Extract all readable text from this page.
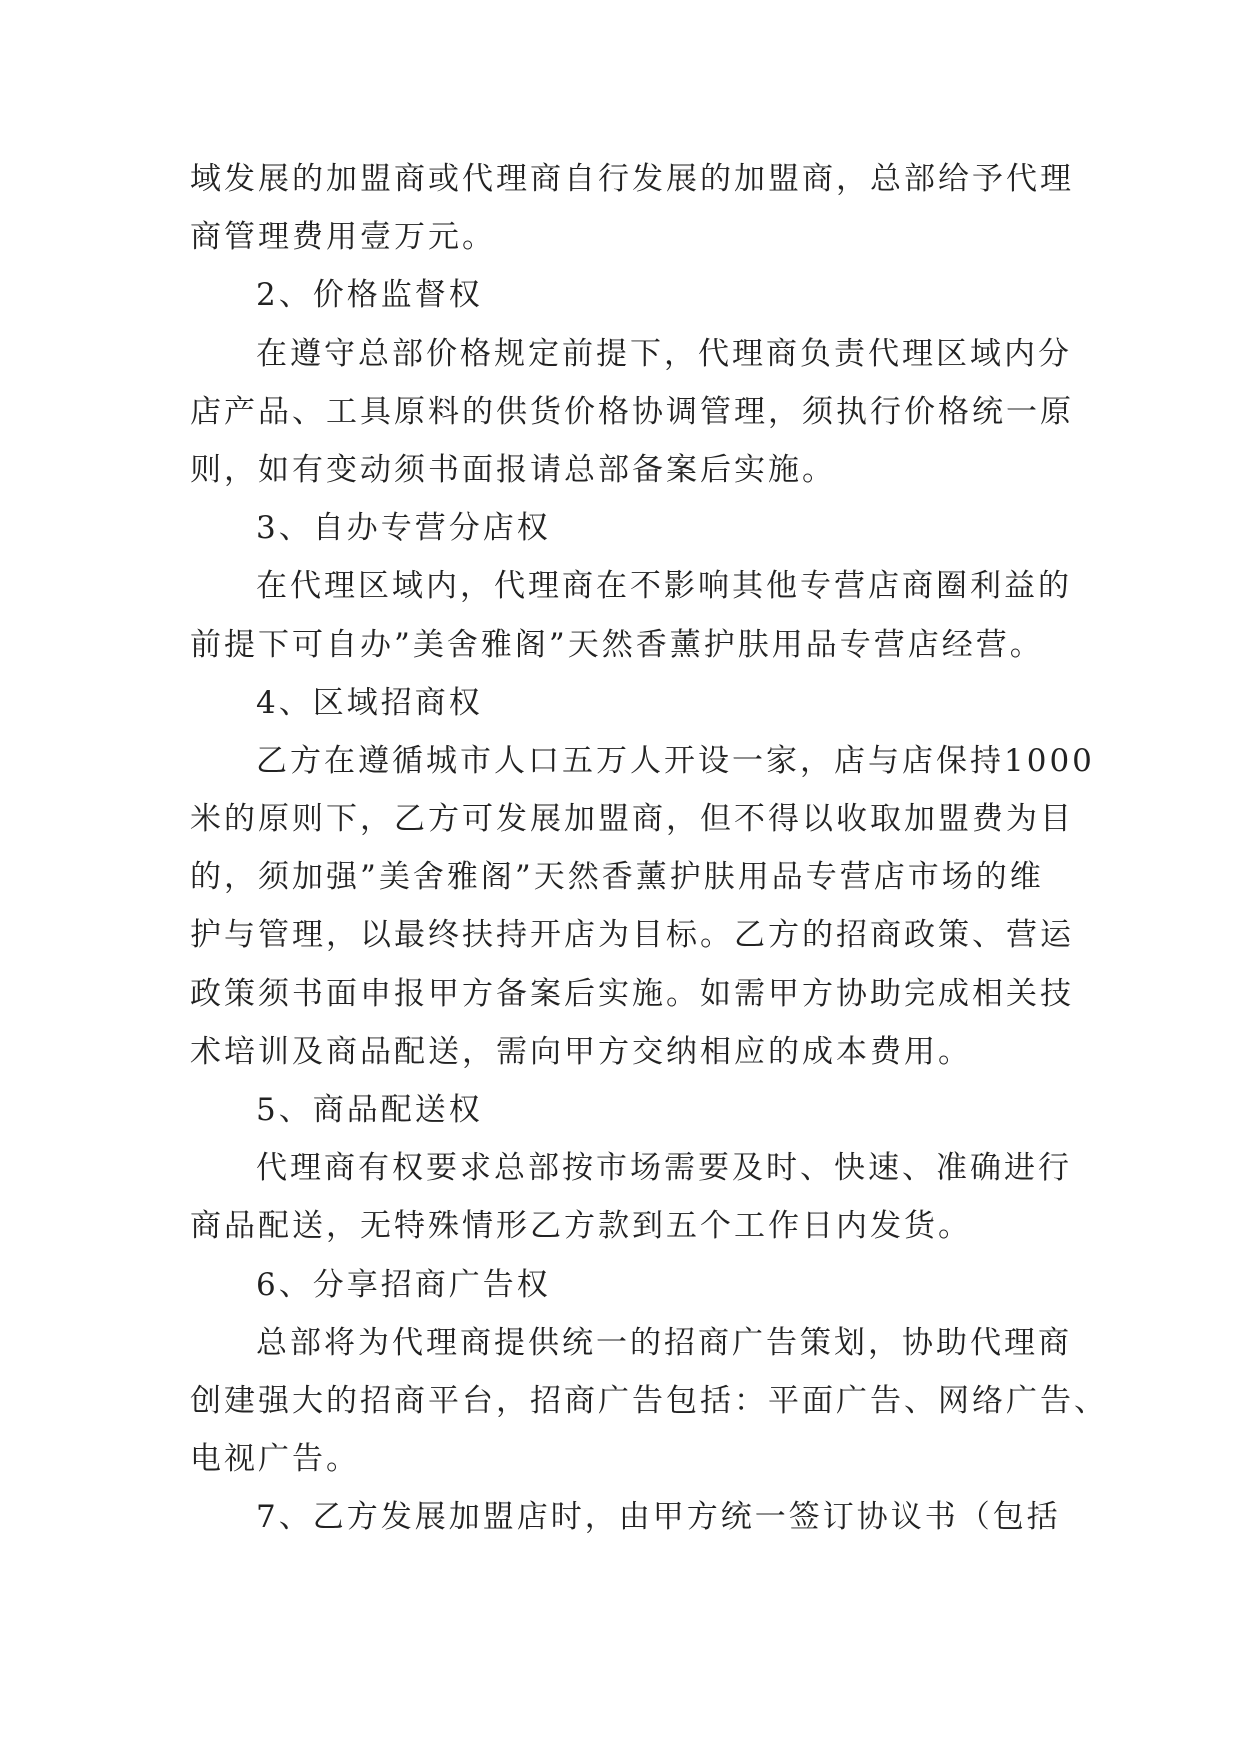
域发展的加盟商或代理商自行发展的加盟商，总部给予代理
商管理费用壹万元。
2、价格监督权
在遵守总部价格规定前提下，代理商负责代理区域内分
店产品、工具原料的供货价格协调管理，须执行价格统一原
则，如有变动须书面报请总部备案后实施。
3、自办专营分店权
在代理区域内，代理商在不影响其他专营店商圈利益的
前提下可自办”美舍雅阁”天然香薰护肤用品专营店经营。
4、区域招商权
乙方在遵循城市人口五万人开设一家，店与店保持1000
米的原则下，乙方可发展加盟商，但不得以收取加盟费为目
的，须加强”美舍雅阁”天然香薰护肤用品专营店市场的维
护与管理，以最终扶持开店为目标。乙方的招商政策、营运
政策须书面申报甲方备案后实施。如需甲方协助完成相关技
术培训及商品配送，需向甲方交纳相应的成本费用。
5、商品配送权
代理商有权要求总部按市场需要及时、快速、准确进行
商品配送，无特殊情形乙方款到五个工作日内发货。
6、分享招商广告权
总部将为代理商提供统一的招商广告策划，协助代理商
创建强大的招商平台，招商广告包括：平面广告、网络广告、
电视广告。
7、乙方发展加盟店时，由甲方统一签订协议书（包括
